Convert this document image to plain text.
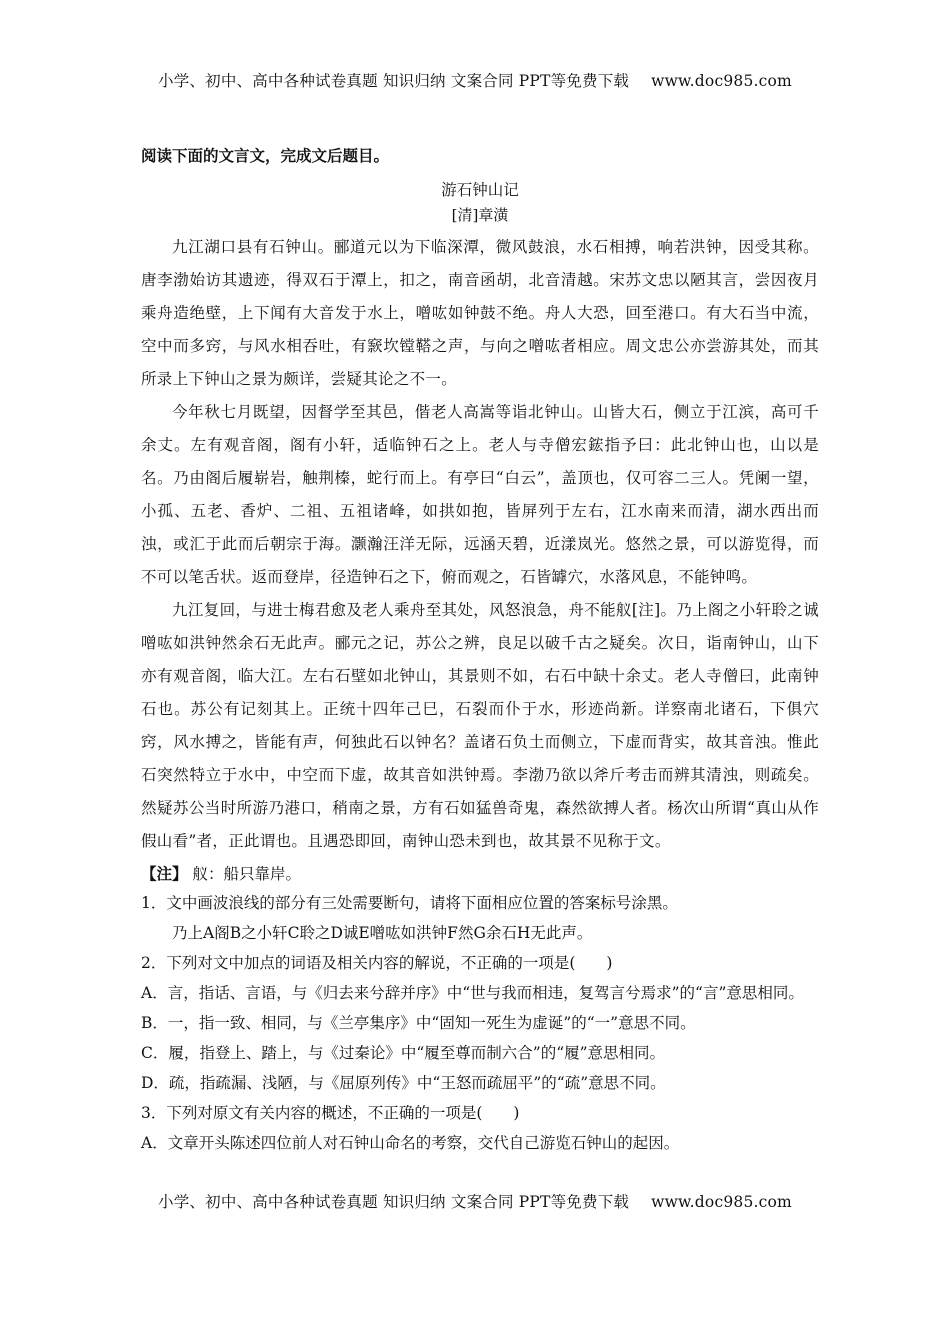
小学、初中、高中各种试卷真题 知识归纳 文案合同 PPT等免费下载 www.doc985.com

阅读下面的文言文，完成文后题目。

游石钟山记

[清]章潢

九江湖口县有石钟山。郦道元以为下临深潭，微风鼓浪，水石相搏，响若洪钟，因受其称。唐李渤始访其遗迹，得双石于潭上，扣之，南音函胡，北音清越。宋苏文忠以陋其言，尝因夜月乘舟造绝壁，上下闻有大音发于水上，噌吰如钟鼓不绝。舟人大恐，回至港口。有大石当中流，空中而多窍，与风水相吞吐，有窾坎镗鞳之声，与向之噌吰者相应。周文忠公亦尝游其处，而其所录上下钟山之景为颇详，尝疑其论之不一。

今年秋七月既望，因督学至其邑，偕老人高嵩等诣北钟山。山皆大石，侧立于江滨，高可千余丈。左有观音阁，阁有小轩，适临钟石之上。老人与寺僧宏鋐指予曰：此北钟山也，山以是名。乃由阁后履崭岩，触荆榛，蛇行而上。有亭曰“白云”，盖顶也，仅可容二三人。凭阑一望，小孤、五老、香炉、二祖、五祖诸峰，如拱如抱，皆屏列于左右，江水南来而清，湖水西出而浊，或汇于此而后朝宗于海。灏瀚汪洋无际，远涵天碧，近漾岚光。悠然之景，可以游览得，而不可以笔舌状。返而登岸，径造钟石之下，俯而观之，石皆罅穴，水落风息，不能钟鸣。

九江复回，与进士梅君愈及老人乘舟至其处，风怒浪急，舟不能舣[注]。乃上阁之小轩聆之诚噌吰如洪钟然余石无此声。郦元之记，苏公之辨，良足以破千古之疑矣。次日，诣南钟山，山下亦有观音阁，临大江。左右石壁如北钟山，其景则不如，右石中缺十余丈。老人寺僧曰，此南钟石也。苏公有记刻其上。正统十四年己巳，石裂而仆于水，形迹尚新。详察南北诸石，下俱穴窍，风水搏之，皆能有声，何独此石以钟名？盖诸石负土而侧立，下虚而背实，故其音浊。惟此石突然特立于水中，中空而下虚，故其音如洪钟焉。李渤乃欲以斧斤考击而辨其清浊，则疏矣。然疑苏公当时所游乃港口，稍南之景，方有石如猛兽奇鬼，森然欲搏人者。杨次山所谓“真山从作假山看”者，正此谓也。且遇恐即回，南钟山恐未到也，故其景不见称于文。

【注】 舣：船只靠岸。

1．文中画波浪线的部分有三处需要断句，请将下面相应位置的答案标号涂黑。

乃上A阁B之小轩C聆之D诚E噌吰如洪钟F然G余石H无此声。

2．下列对文中加点的词语及相关内容的解说，不正确的一项是(　　)

A．言，指话、言语，与《归去来兮辞并序》中“世与我而相违，复驾言兮焉求”的“言”意思相同。

B．一，指一致、相同，与《兰亭集序》中“固知一死生为虚诞”的“一”意思不同。

C．履，指登上、踏上，与《过秦论》中“履至尊而制六合”的“履”意思相同。

D．疏，指疏漏、浅陋，与《屈原列传》中“王怒而疏屈平”的“疏”意思不同。

3．下列对原文有关内容的概述，不正确的一项是(　　)

A．文章开头陈述四位前人对石钟山命名的考察，交代自己游览石钟山的起因。

小学、初中、高中各种试卷真题 知识归纳 文案合同 PPT等免费下载 www.doc985.com
